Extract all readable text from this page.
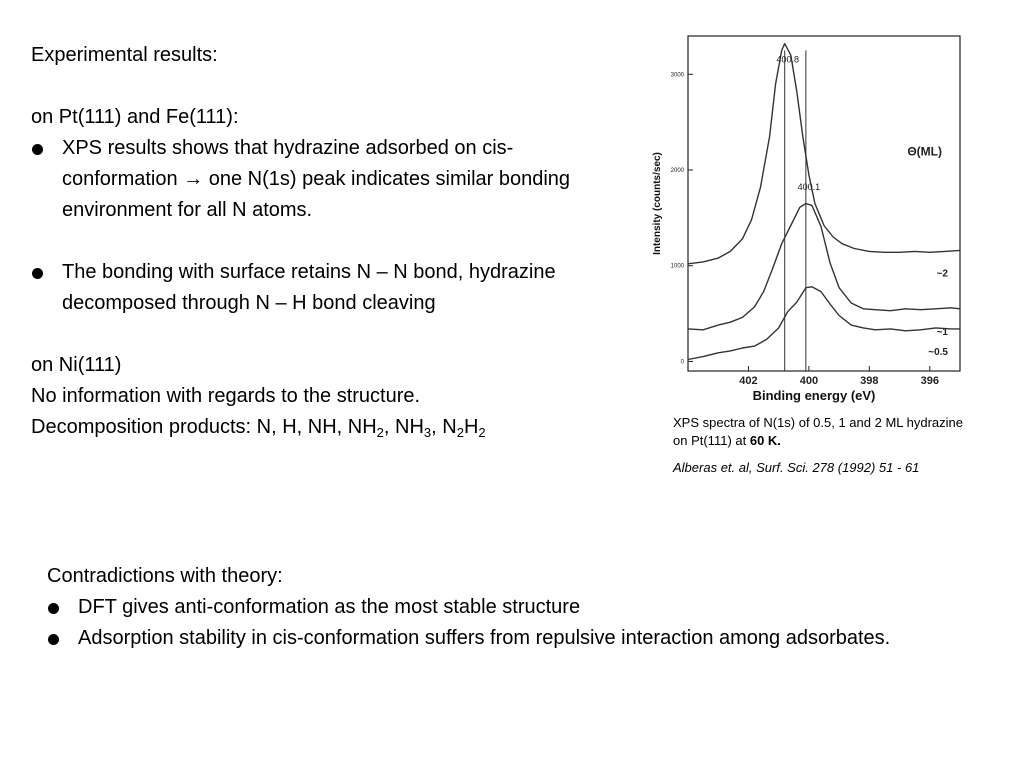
Experimental results:
on Pt(111) and Fe(111):
XPS results shows that hydrazine adsorbed on cis-conformation → one N(1s) peak indicates similar bonding environment for all N atoms.
The bonding with surface retains N – N bond, hydrazine decomposed through N – H bond cleaving
on Ni(111)
No information with regards to the structure.
Decomposition products: N, H, NH, $NH_2$, $NH_3$, $N_2H_2$
402	400	398	396
0
1000
2000
3000
Binding energy (eV)
Intensity (counts/sec)
~2
~1
~0.5
400.8
400.1
Θ(ML)
XPS spectra of N(1s) of 0.5, 1 and 2 ML hydrazine on Pt(111) at 60 K.
Alberas et. al, Surf. Sci. 278 (1992) 51 - 61
Contradictions with theory:
DFT gives anti-conformation as the most stable structure
Adsorption stability in cis-conformation suffers from repulsive interaction among adsorbates.
